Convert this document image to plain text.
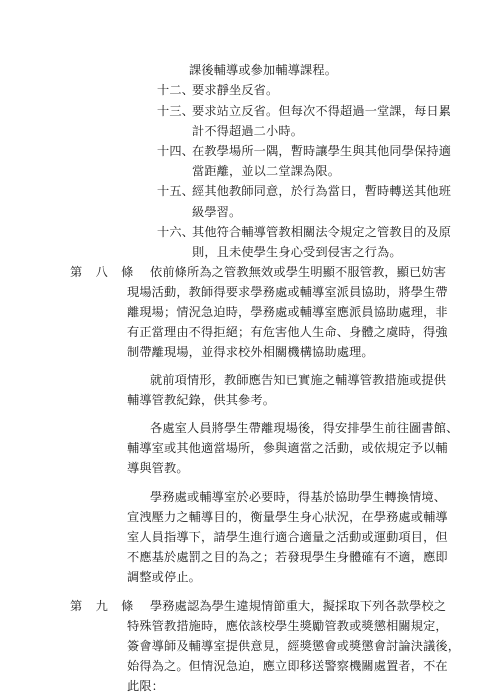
課後輔導或參加輔導課程。
十二、
要求靜坐反省。
十三、
要求站立反省。但每次不得超過一堂課，每日累
計不得超過二小時。
十四、
在教學場所一隅，暫時讓學生與其他同學保持適
當距離，並以二堂課為限。
十五、
經其他教師同意，於行為當日，暫時轉送其他班
級學習。
十六、
其他符合輔導管教相關法令規定之管教目的及原
則，且未使學生身心受到侵害之行為。
第　八　條 依前條所為之管教無效或學生明顯不服管教，顯已妨害
現場活動，教師得要求學務處或輔導室派員協助，將學生帶
離現場；情況急迫時，學務處或輔導室應派員協助處理，非
有正當理由不得拒絕；有危害他人生命、身體之虞時，得強
制帶離現場，並得求校外相關機構協助處理。
就前項情形，教師應告知已實施之輔導管教措施或提供
輔導管教紀錄，供其參考。
各處室人員將學生帶離現場後，得安排學生前往圖書館、
輔導室或其他適當場所，參與適當之活動，或依規定予以輔
導與管教。
學務處或輔導室於必要時，得基於協助學生轉換情境、
宣洩壓力之輔導目的，衡量學生身心狀況，在學務處或輔導
室人員指導下，請學生進行適合適量之活動或運動項目，但
不應基於處罰之目的為之；若發現學生身體確有不適，應即
調整或停止。
第　九　條 學務處認為學生違規情節重大，擬採取下列各款學校之
特殊管教措施時，應依該校學生獎勵管教或獎懲相關規定，
簽會導師及輔導室提供意見，經獎懲會或獎懲會討論決議後，
始得為之。但情況急迫，應立即移送警察機關處置者，不在
此限：
